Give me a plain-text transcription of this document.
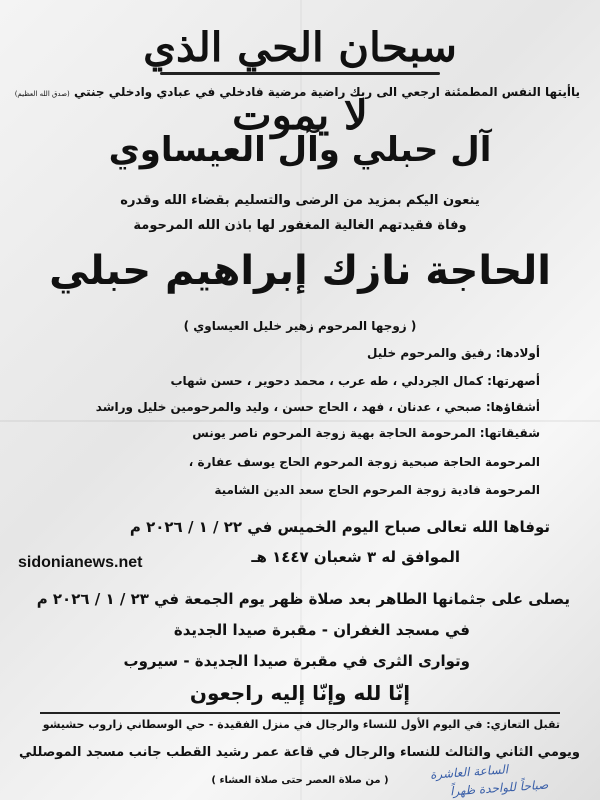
سبحان الحي الذي لا يموت
ياأيتها النفس المطمئنة ارجعي الى ربك راضية مرضية فادخلي في عبادي وادخلي جنتي (صدق الله العظيم)
آل حبلي وآل العيساوي
ينعون اليكم بمزيد من الرضى والتسليم بقضاء الله وقدره
وفاة فقيدتهم الغالية المغفور لها باذن الله المرحومة
الحاجة نازك إبراهيم حبلي
( زوجها المرحوم زهير خليل العيساوي )
أولادها: رفيق والمرحوم خليل
أصهرتها: كمال الجردلي ، طه عرب ، محمد دحوير ، حسن شهاب
أشقاؤها: صبحي ، عدنان ، فهد ، الحاج حسن ، وليد والمرحومين خليل وراشد
شقيقاتها: المرحومة الحاجة بهية زوجة المرحوم ناصر يونس
المرحومة الحاجة صبحية زوجة المرحوم الحاج يوسف عفارة ،
المرحومة فادية زوجة المرحوم الحاج سعد الدين الشامية
توفاها الله تعالى صباح اليوم الخميس في ٢٢ / ١ / ٢٠٢٦ م
الموافق له ٣ شعبان ١٤٤٧ هـ
sidonianews.net
يصلى على جثمانها الطاهر بعد صلاة ظهر يوم الجمعة في ٢٣ / ١ / ٢٠٢٦ م
في مسجد الغفران - مقبرة صيدا الجديدة
وتوارى الثرى في مقبرة صيدا الجديدة - سيروب
إنّا لله وإنّا إليه راجعون
تقبل التعازي: في اليوم الأول للنساء والرجال في منزل الفقيدة - حي الوسطاني زاروب حشيشو
ويومي الثاني والثالث للنساء والرجال في قاعة عمر رشيد القطب جانب مسجد الموصللي
( من صلاة العصر حتى صلاة العشاء )	الساعة العاشرة
صباحاً للواحدة ظهراً
